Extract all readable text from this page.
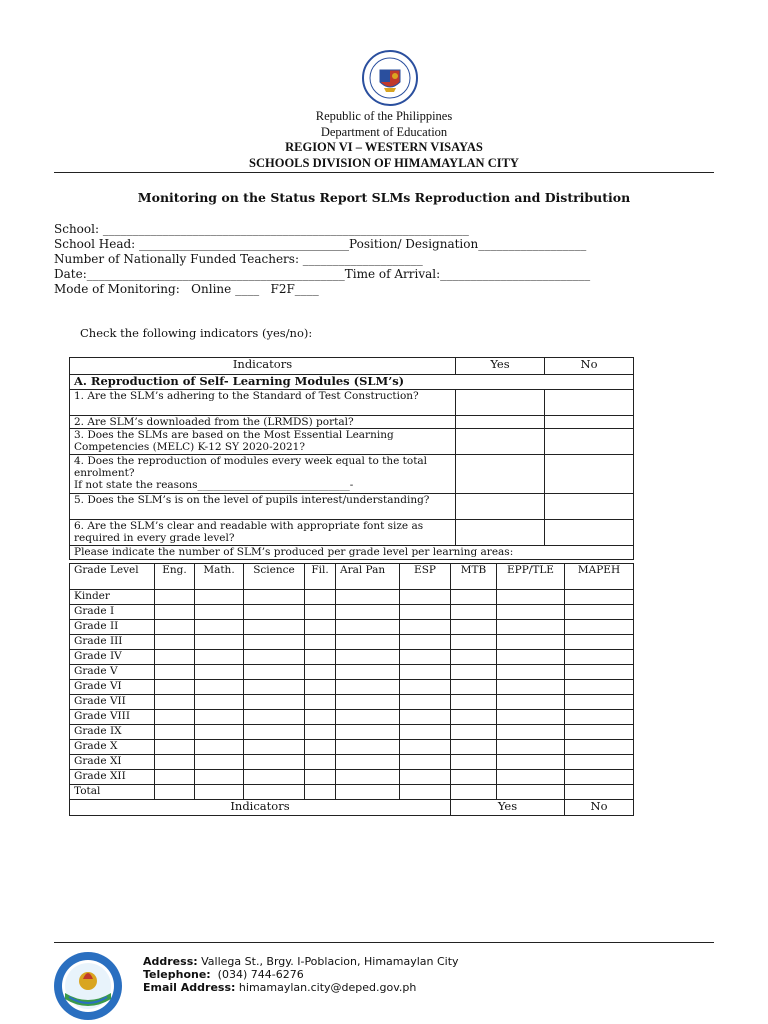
Republic of the Philippines
Department of Education
REGION VI – WESTERN VISAYAS
SCHOOLS DIVISION OF HIMAMAYLAN CITY
Monitoring on the Status Report SLMs Reproduction and Distribution
School: _____________________________________________________________
School Head: ___________________________________Position/ Designation__________________
Number of Nationally Funded Teachers: ____________________
Date:___________________________________________Time of Arrival:_________________________
Mode of Monitoring:   Online ____   F2F____
Check the following indicators (yes/no):
Indicators	Yes	No
A. Reproduction of Self- Learning Modules (SLM’s)		
1. Are the SLM’s adhering to the Standard of Test Construction?		
2. Are SLM’s downloaded from the (LRMDS) portal?		
3. Does the SLMs are based on the Most Essential Learning Competencies (MELC) K-12 SY 2020-2021?		

4. Does the reproduction of modules every week equal to the total enrolment?
If not state the reasons_____________________________-		

5. Does the SLM’s is on the level of pupils interest/understanding?		
6. Are the SLM’s clear and readable with appropriate font size as required in every grade level?		
Please indicate the number of SLM’s produced per grade level per learning areas:		
Grade Level	Eng.	Math.	Science	Fil.	Aral Pan	ESP	MTB	EPP/TLE	MAPEH
Kinder									
Grade I									
Grade II									
Grade III									
Grade IV									
Grade V									
Grade VI									
Grade VII									
Grade VIII									
Grade IX									
Grade X									
Grade XI									
Grade XII									
Total									
Indicators							Yes		No
Address: Vallega St., Brgy. I-Poblacion, Himamaylan City
Telephone:  (034) 744-6276
Email Address: himamaylan.city@deped.gov.ph
